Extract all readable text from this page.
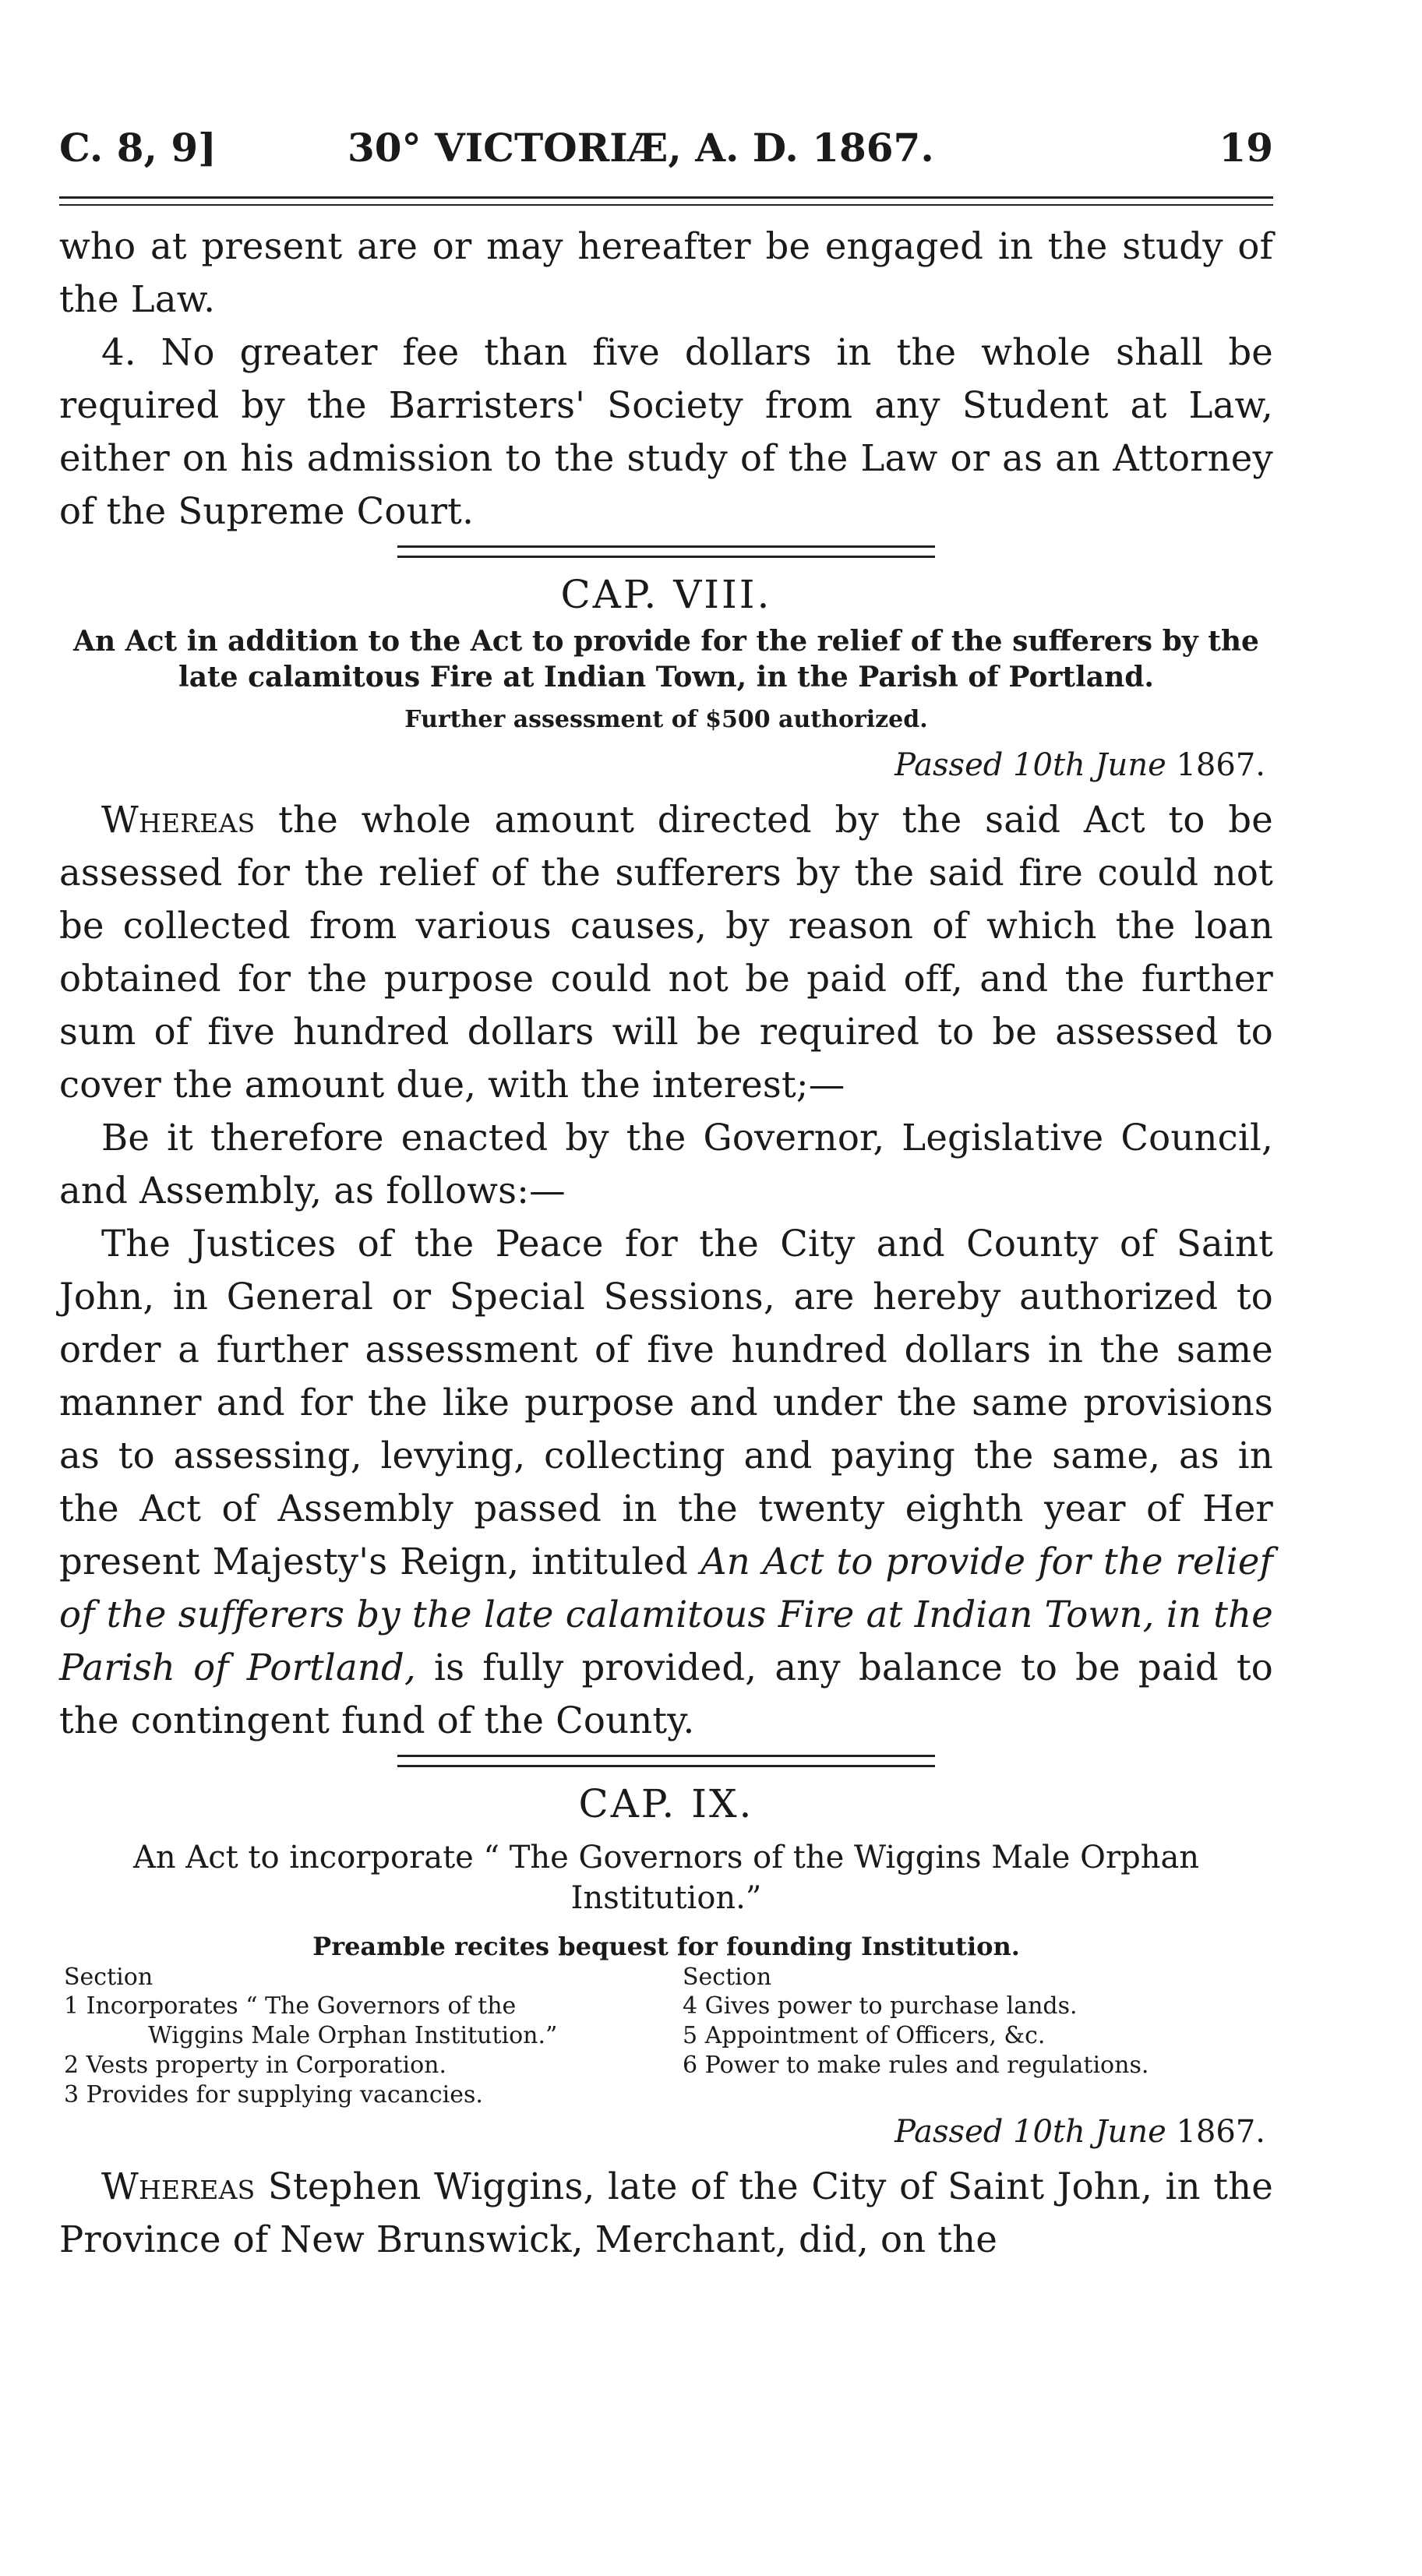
C. 8, 9]	30° VICTORIÆ, A. D. 1867.	19

who at present are or may hereafter be engaged in the study of the Law.

4. No greater fee than five dollars in the whole shall be required by the Barristers' Society from any Student at Law, either on his admission to the study of the Law or as an Attorney of the Supreme Court.

CAP. VIII.
An Act in addition to the Act to provide for the relief of the sufferers by the late calamitous Fire at Indian Town, in the Parish of Portland.
Further assessment of $500 authorized.
Passed 10th June 1867.

Whereas the whole amount directed by the said Act to be assessed for the relief of the sufferers by the said fire could not be collected from various causes, by reason of which the loan obtained for the purpose could not be paid off, and the further sum of five hundred dollars will be required to be assessed to cover the amount due, with the interest;—

Be it therefore enacted by the Governor, Legislative Council, and Assembly, as follows:—

The Justices of the Peace for the City and County of Saint John, in General or Special Sessions, are hereby authorized to order a further assessment of five hundred dollars in the same manner and for the like purpose and under the same provisions as to assessing, levying, collecting and paying the same, as in the Act of Assembly passed in the twenty eighth year of Her present Majesty's Reign, intituled An Act to provide for the relief of the sufferers by the late calamitous Fire at Indian Town, in the Parish of Portland, is fully provided, any balance to be paid to the contingent fund of the County.

CAP. IX.
An Act to incorporate “ The Governors of the Wiggins Male Orphan Institution.”
Preamble recites bequest for founding Institution.
Section
1 Incorporates “ The Governors of the
Wiggins Male Orphan Institution.”
2 Vests property in Corporation.
3 Provides for supplying vacancies.
Section
4 Gives power to purchase lands.
5 Appointment of Officers, &c.
6 Power to make rules and regulations.
Passed 10th June 1867.

Whereas Stephen Wiggins, late of the City of Saint John, in the Province of New Brunswick, Merchant, did, on the
